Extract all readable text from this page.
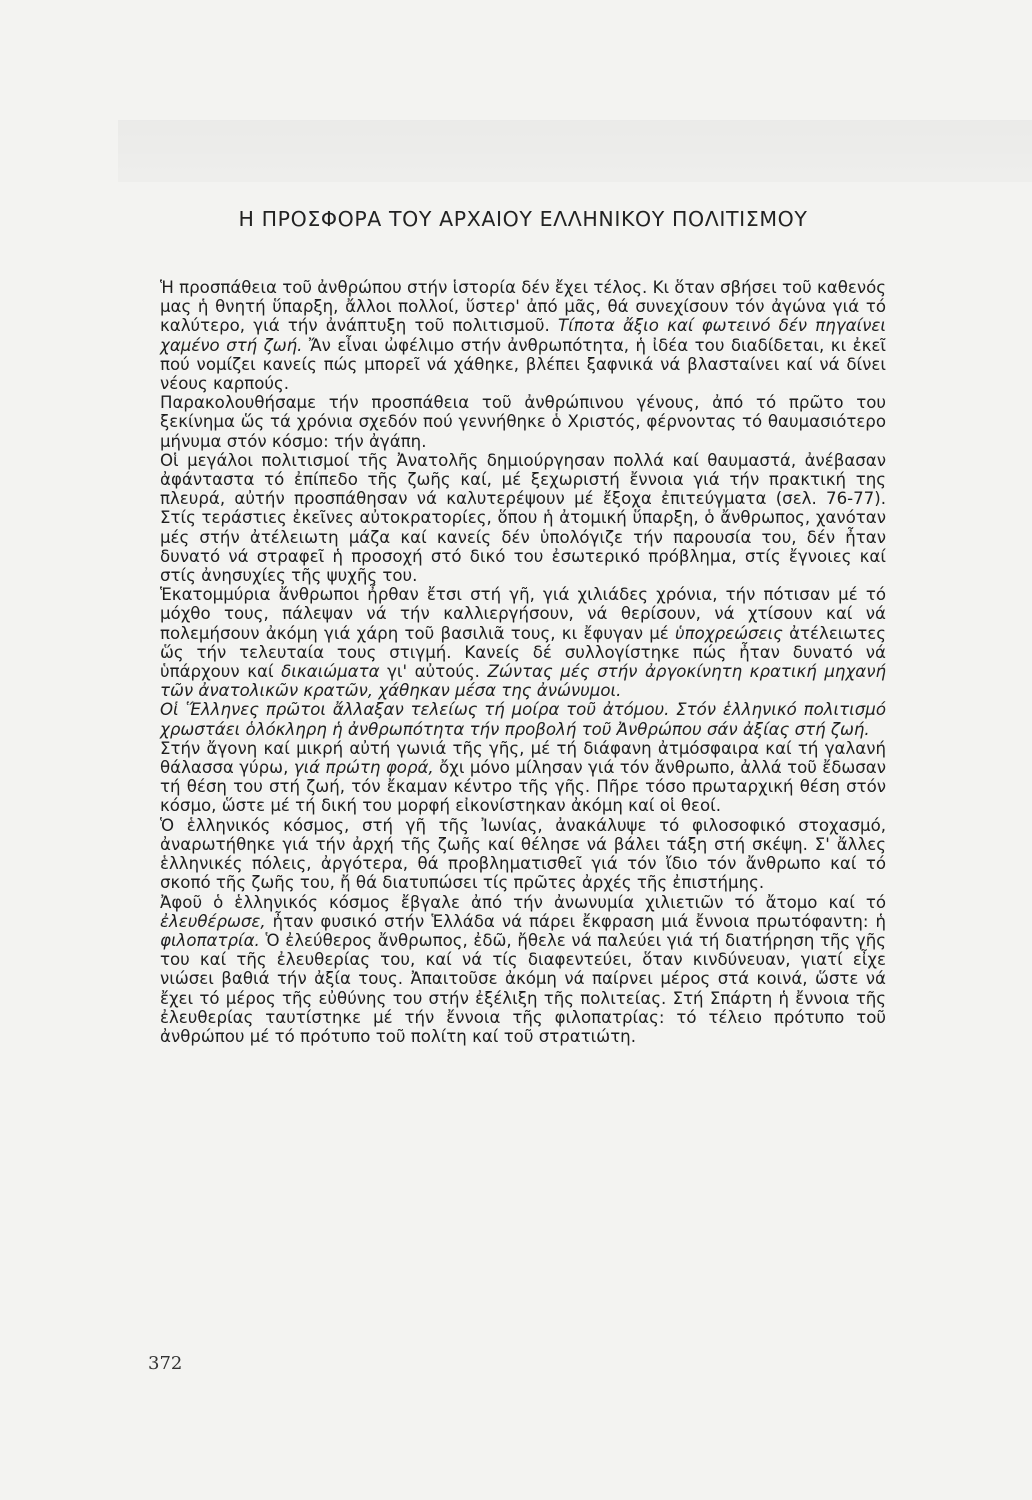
Η ΠΡΟΣΦΟΡΑ ΤΟΥ ΑΡΧΑΙΟΥ ΕΛΛΗΝΙΚΟΥ ΠΟΛΙΤΙΣΜΟΥ

Ἡ προσπάθεια τοῦ ἀνθρώπου στήν ἱστορία δέν ἔχει τέλος. Κι ὅταν σβήσει τοῦ καθενός μας ἡ θνητή ὕπαρξη, ἄλλοι πολλοί, ὕστερ' ἀπό μᾶς, θά συνεχίσουν τόν ἀγώνα γιά τό καλύτερο, γιά τήν ἀνάπτυξη τοῦ πολιτισμοῦ. Τίποτα ἄξιο καί φωτεινό δέν πηγαίνει χαμένο στή ζωή. Ἄν εἶναι ὠφέλιμο στήν ἀνθρωπότητα, ἡ ἰδέα του διαδίδεται, κι ἐκεῖ πού νομίζει κανείς πώς μπορεῖ νά χάθηκε, βλέπει ξαφνικά νά βλασταίνει καί νά δίνει νέους καρπούς.

Παρακολουθήσαμε τήν προσπάθεια τοῦ ἀνθρώπινου γένους, ἀπό τό πρῶτο του ξεκίνημα ὥς τά χρόνια σχεδόν πού γεννήθηκε ὁ Χριστός, φέρνοντας τό θαυμασιότερο μήνυμα στόν κόσμο: τήν ἀγάπη.

Οἱ μεγάλοι πολιτισμοί τῆς Ἀνατολῆς δημιούργησαν πολλά καί θαυμαστά, ἀνέβασαν ἀφάνταστα τό ἐπίπεδο τῆς ζωῆς καί, μέ ξεχωριστή ἔννοια γιά τήν πρακτική της πλευρά, αὐτήν προσπάθησαν νά καλυτερέψουν μέ ἔξοχα ἐπιτεύγματα (σελ. 76-77). Στίς τεράστιες ἐκεῖνες αὐτοκρατορίες, ὅπου ἡ ἀτομική ὕπαρξη, ὁ ἄνθρωπος, χανόταν μές στήν ἀτέλειωτη μάζα καί κανείς δέν ὑπολόγιζε τήν παρουσία του, δέν ἦταν δυνατό νά στραφεῖ ἡ προσοχή στό δικό του ἐσωτερικό πρόβλημα, στίς ἔγνοιες καί στίς ἀνησυχίες τῆς ψυχῆς του.

Ἑκατομμύρια ἄνθρωποι ἦρθαν ἔτσι στή γῆ, γιά χιλιάδες χρόνια, τήν πότισαν μέ τό μόχθο τους, πάλεψαν νά τήν καλλιεργήσουν, νά θερίσουν, νά χτίσουν καί νά πολεμήσουν ἀκόμη γιά χάρη τοῦ βασιλιᾶ τους, κι ἔφυγαν μέ ὑποχρεώσεις ἀτέλειωτες ὥς τήν τελευταία τους στιγμή. Κανείς δέ συλλογίστηκε πώς ἦταν δυνατό νά ὑπάρχουν καί δικαιώματα γι' αὐτούς. Ζώντας μές στήν ἀργοκίνητη κρατική μηχανή τῶν ἀνατολικῶν κρατῶν, χάθηκαν μέσα της ἀνώνυμοι.

Οἱ Ἕλληνες πρῶτοι ἄλλαξαν τελείως τή μοίρα τοῦ ἀτόμου. Στόν ἑλληνικό πολιτισμό χρωστάει ὁλόκληρη ἡ ἀνθρωπότητα τήν προβολή τοῦ Ἀνθρώπου σάν ἀξίας στή ζωή.

Στήν ἄγονη καί μικρή αὐτή γωνιά τῆς γῆς, μέ τή διάφανη ἀτμόσφαιρα καί τή γαλανή θάλασσα γύρω, γιά πρώτη φορά, ὄχι μόνο μίλησαν γιά τόν ἄνθρωπο, ἀλλά τοῦ ἔδωσαν τή θέση του στή ζωή, τόν ἔκαμαν κέντρο τῆς γῆς. Πῆρε τόσο πρωταρχική θέση στόν κόσμο, ὥστε μέ τή δική του μορφή εἰκονίστηκαν ἀκόμη καί οἱ θεοί.

Ὁ ἑλληνικός κόσμος, στή γῆ τῆς Ἰωνίας, ἀνακάλυψε τό φιλοσοφικό στοχασμό, ἀναρωτήθηκε γιά τήν ἀρχή τῆς ζωῆς καί θέλησε νά βάλει τάξη στή σκέψη. Σ' ἄλλες ἑλληνικές πόλεις, ἀργότερα, θά προβληματισθεῖ γιά τόν ἴδιο τόν ἄνθρωπο καί τό σκοπό τῆς ζωῆς του, ἤ θά διατυπώσει τίς πρῶτες ἀρχές τῆς ἐπιστήμης.

Ἀφοῦ ὁ ἑλληνικός κόσμος ἔβγαλε ἀπό τήν ἀνωνυμία χιλιετιῶν τό ἄτομο καί τό ἐλευθέρωσε, ἦταν φυσικό στήν Ἑλλάδα νά πάρει ἔκφραση μιά ἔννοια πρωτόφαντη: ἡ φιλοπατρία. Ὁ ἐλεύθερος ἄνθρωπος, ἐδῶ, ἤθελε νά παλεύει γιά τή διατήρηση τῆς γῆς του καί τῆς ἐλευθερίας του, καί νά τίς διαφεντεύει, ὅταν κινδύνευαν, γιατί εἶχε νιώσει βαθιά τήν ἀξία τους. Ἀπαιτοῦσε ἀκόμη νά παίρνει μέρος στά κοινά, ὥστε νά ἔχει τό μέρος τῆς εὐθύνης του στήν ἐξέλιξη τῆς πολιτείας. Στή Σπάρτη ἡ ἔννοια τῆς ἐλευθερίας ταυτίστηκε μέ τήν ἔννοια τῆς φιλοπατρίας: τό τέλειο πρότυπο τοῦ ἀνθρώπου μέ τό πρότυπο τοῦ πολίτη καί τοῦ στρατιώτη.

372
